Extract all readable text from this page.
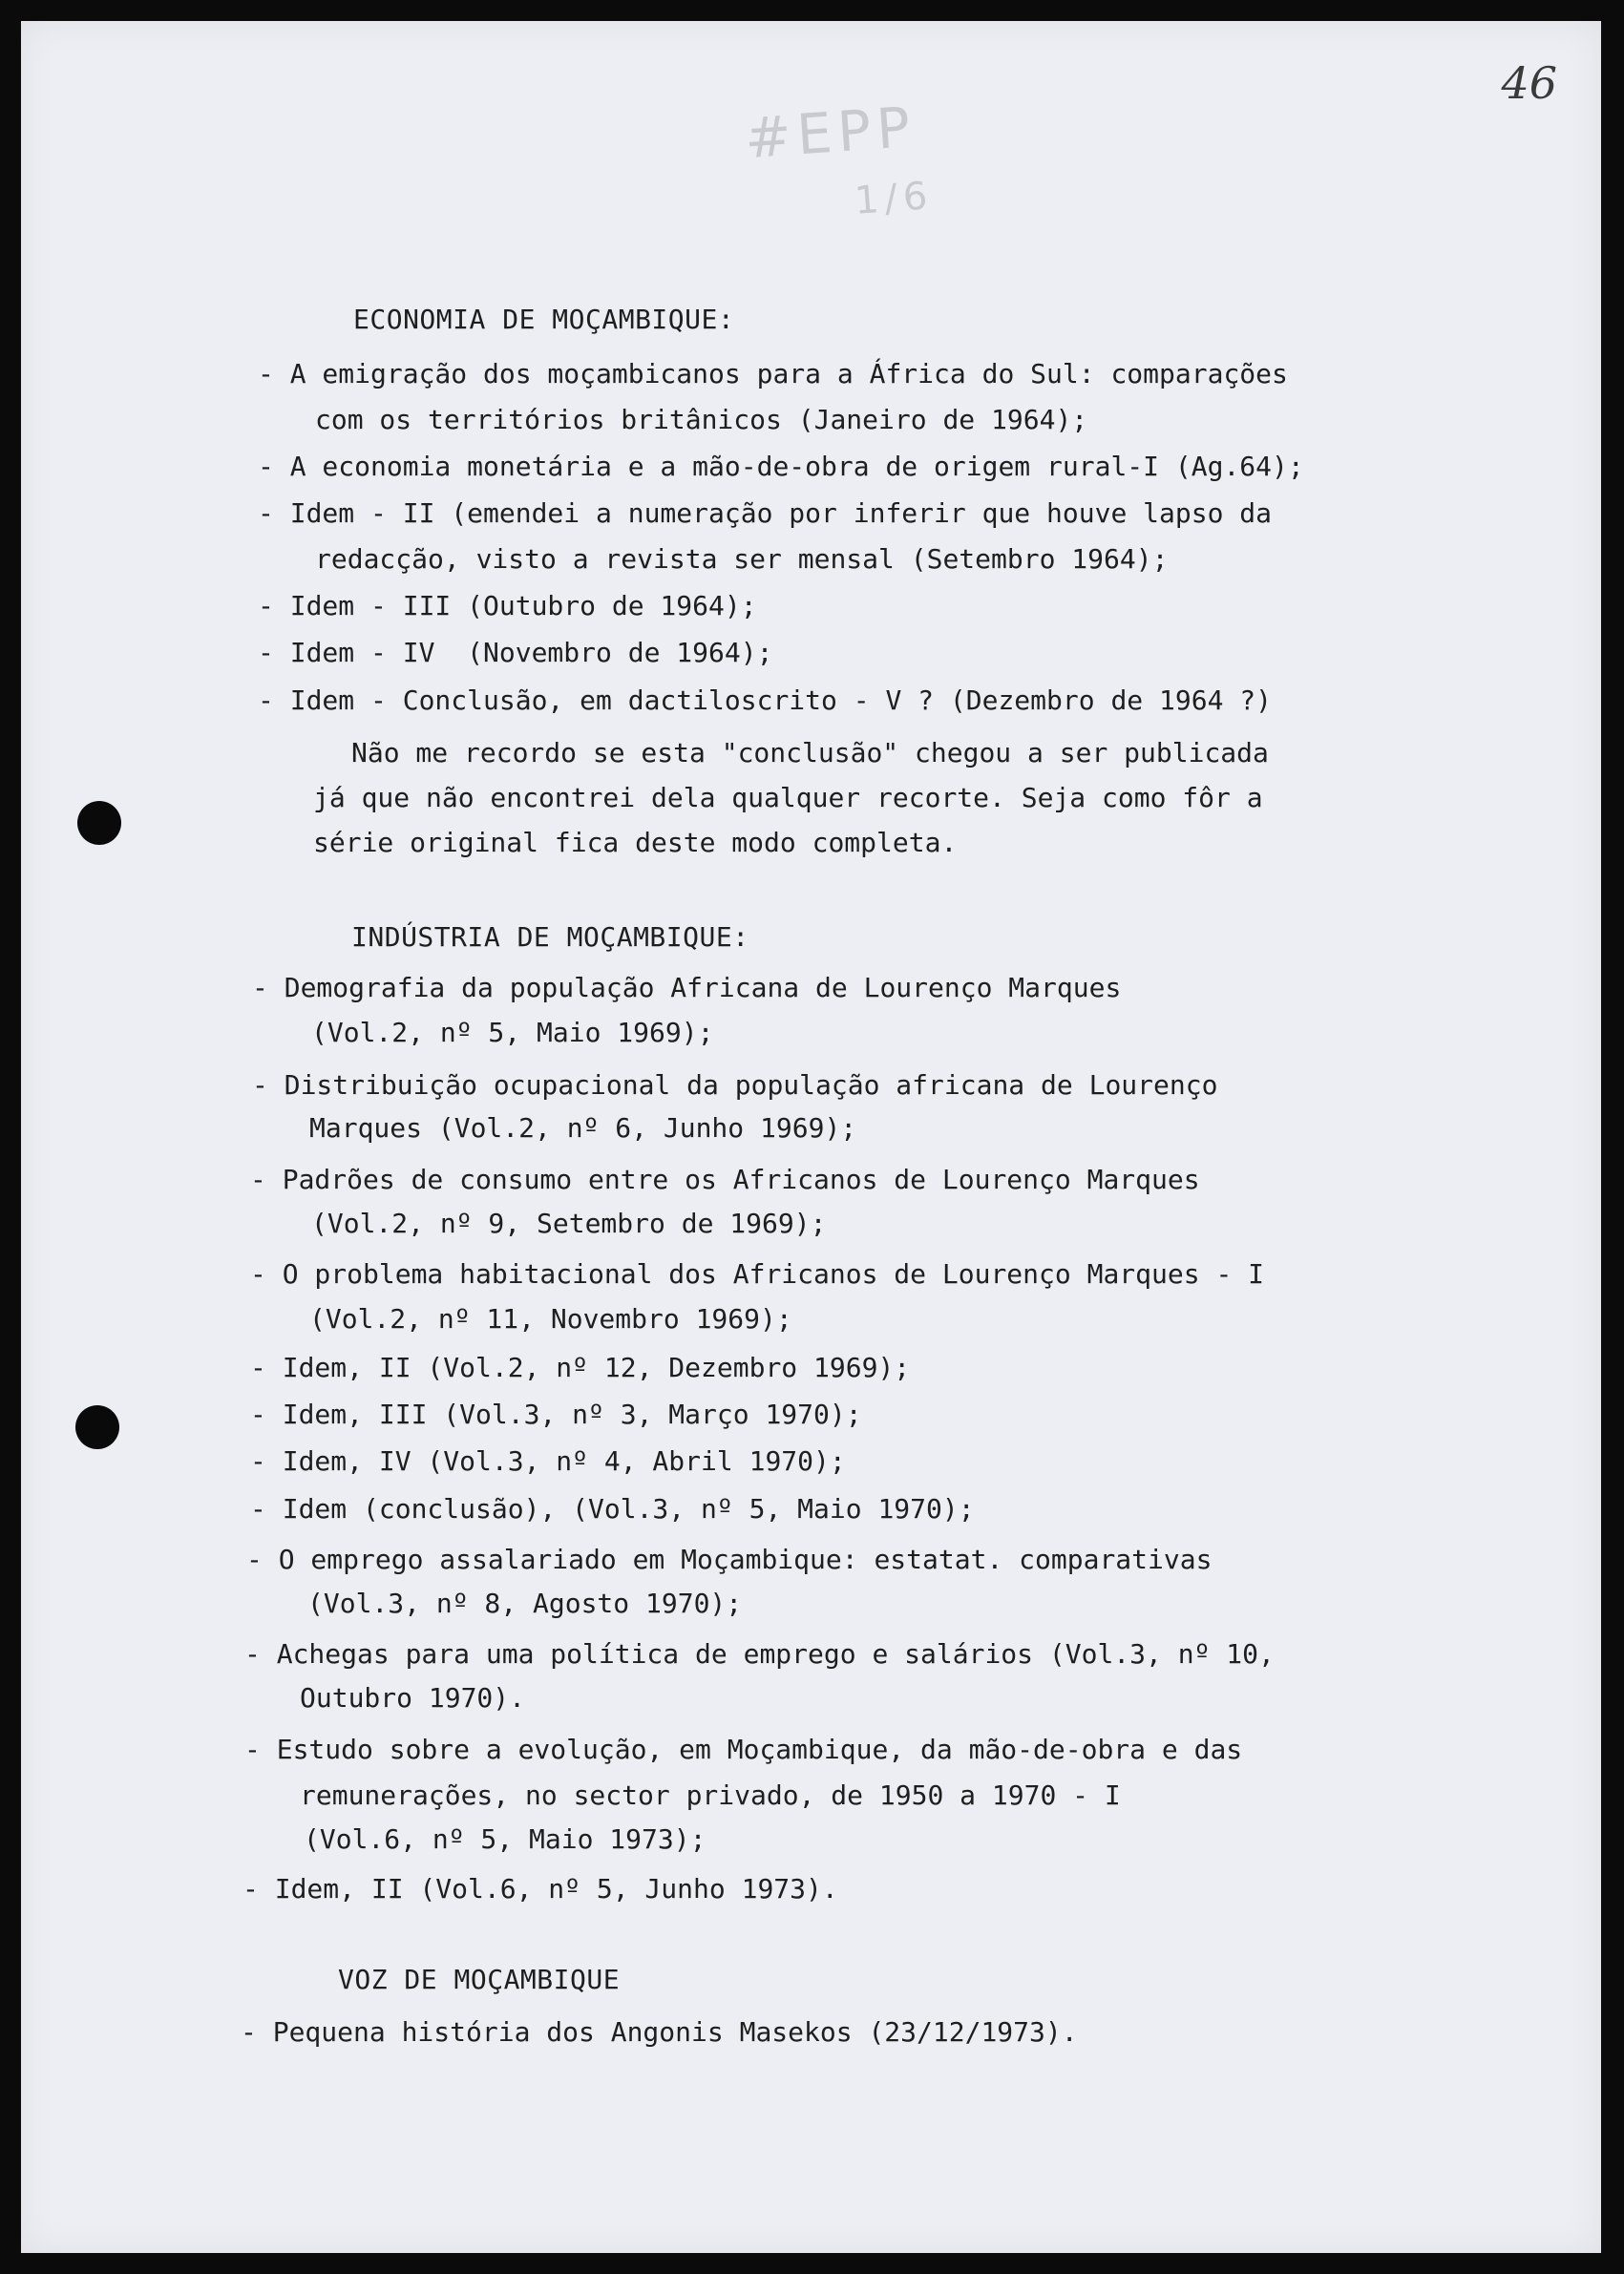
#EPP
1/6
46
ECONOMIA DE MOÇAMBIQUE:
- A emigração dos moçambicanos para a África do Sul: comparações
com os territórios britânicos (Janeiro de 1964);
- A economia monetária e a mão-de-obra de origem rural-I (Ag.64);
- Idem - II (emendei a numeração por inferir que houve lapso da
redacção, visto a revista ser mensal (Setembro 1964);
- Idem - III (Outubro de 1964);
- Idem - IV  (Novembro de 1964);
- Idem - Conclusão, em dactiloscrito - V ? (Dezembro de 1964 ?)
Não me recordo se esta "conclusão" chegou a ser publicada
já que não encontrei dela qualquer recorte. Seja como fôr a
série original fica deste modo completa.
INDÚSTRIA DE MOÇAMBIQUE:
- Demografia da população Africana de Lourenço Marques
(Vol.2, nº 5, Maio 1969);
- Distribuição ocupacional da população africana de Lourenço
Marques (Vol.2, nº 6, Junho 1969);
- Padrões de consumo entre os Africanos de Lourenço Marques
(Vol.2, nº 9, Setembro de 1969);
- O problema habitacional dos Africanos de Lourenço Marques - I
(Vol.2, nº 11, Novembro 1969);
- Idem, II (Vol.2, nº 12, Dezembro 1969);
- Idem, III (Vol.3, nº 3, Março 1970);
- Idem, IV (Vol.3, nº 4, Abril 1970);
- Idem (conclusão), (Vol.3, nº 5, Maio 1970);
- O emprego assalariado em Moçambique: estatat. comparativas
(Vol.3, nº 8, Agosto 1970);
- Achegas para uma política de emprego e salários (Vol.3, nº 10,
Outubro 1970).
- Estudo sobre a evolução, em Moçambique, da mão-de-obra e das
remunerações, no sector privado, de 1950 a 1970 - I
(Vol.6, nº 5, Maio 1973);
- Idem, II (Vol.6, nº 5, Junho 1973).
VOZ DE MOÇAMBIQUE
- Pequena história dos Angonis Masekos (23/12/1973).
